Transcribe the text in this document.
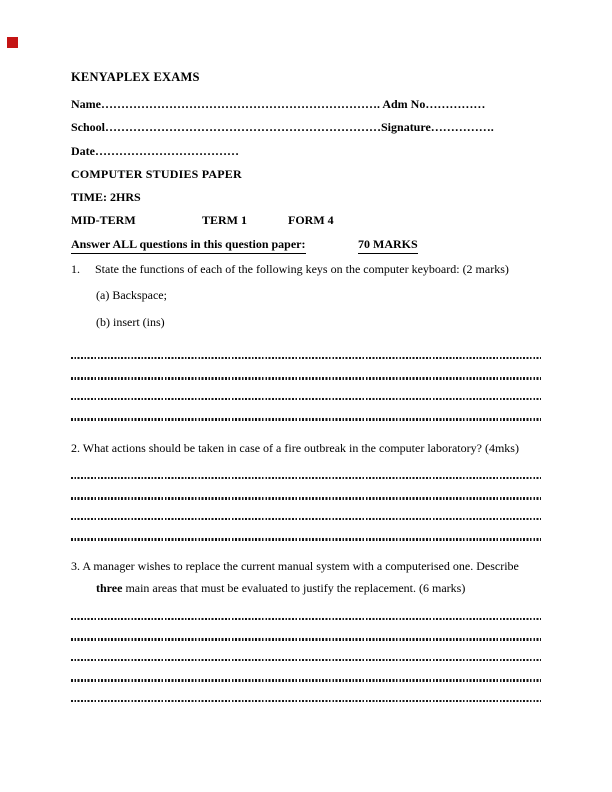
KENYAPLEX EXAMS
Name……………………………………………………………. Adm No……………
School……………………………………………………………Signature…………….
Date………………………………
COMPUTER STUDIES PAPER
TIME: 2HRS
MID-TERM	TERM 1	FORM 4
Answer ALL questions in this question paper:	70 MARKS
1. State the functions of each of the following keys on the computer keyboard: (2 marks)
(a) Backspace;
(b) insert (ins)
2. What actions should be taken in case of a fire outbreak in the computer laboratory? (4mks)
3. A manager wishes to replace the current manual system with a computerised one. Describe
three main areas that must be evaluated to justify the replacement. (6 marks)
